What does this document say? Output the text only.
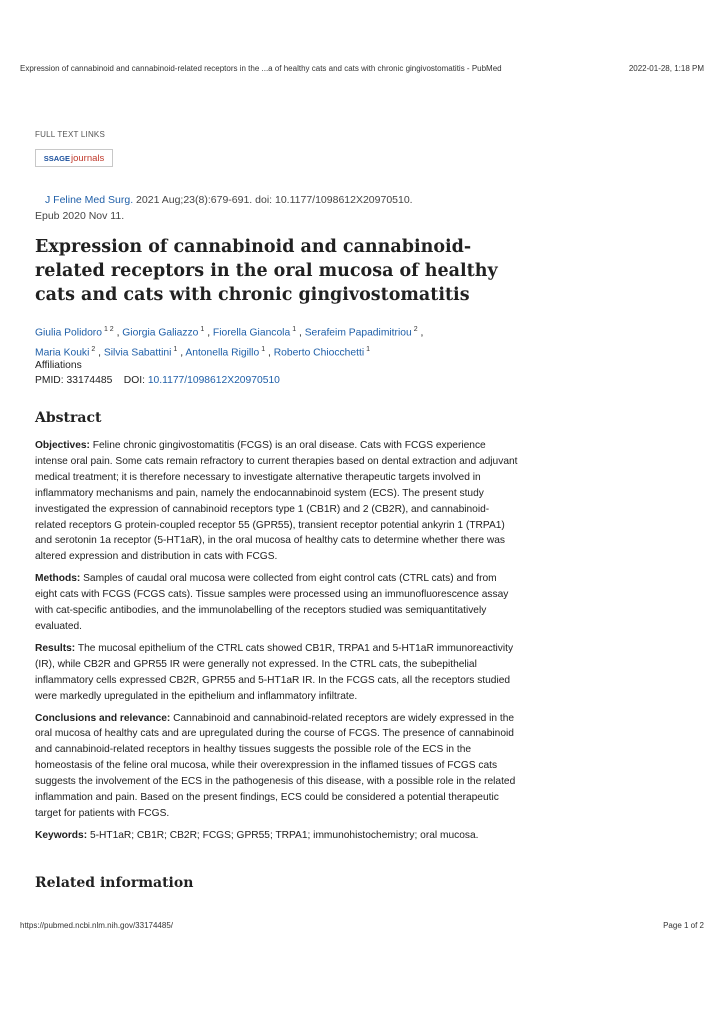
Expression of cannabinoid and cannabinoid-related receptors in the ...a of healthy cats and cats with chronic gingivostomatitis - PubMed	2022-01-28, 1:18 PM
FULL TEXT LINKS
SSAGE journals
J Feline Med Surg. 2021 Aug;23(8):679-691. doi: 10.1177/1098612X20970510.
Epub 2020 Nov 11.
Expression of cannabinoid and cannabinoid-related receptors in the oral mucosa of healthy cats and cats with chronic gingivostomatitis
Giulia Polidoro $^{1 2}$ , Giorgia Galiazzo $^1$ , Fiorella Giancola $^1$ , Serafeim Papadimitriou $^2$ ,
Maria Kouki $^2$ , Silvia Sabattini $^1$ , Antonella Rigillo $^1$ , Roberto Chiocchetti $^1$
Affiliations
PMID: 33174485 DOI: 10.1177/1098612X20970510
Abstract

Objectives: Feline chronic gingivostomatitis (FCGS) is an oral disease. Cats with FCGS experience intense oral pain. Some cats remain refractory to current therapies based on dental extraction and adjuvant medical treatment; it is therefore necessary to investigate alternative therapeutic targets involved in inflammatory mechanisms and pain, namely the endocannabinoid system (ECS). The present study investigated the expression of cannabinoid receptors type 1 (CB1R) and 2 (CB2R), and cannabinoid-related receptors G protein-coupled receptor 55 (GPR55), transient receptor potential ankyrin 1 (TRPA1) and serotonin 1a receptor (5-HT1aR), in the oral mucosa of healthy cats to determine whether there was altered expression and distribution in cats with FCGS.

Methods: Samples of caudal oral mucosa were collected from eight control cats (CTRL cats) and from eight cats with FCGS (FCGS cats). Tissue samples were processed using an immunofluorescence assay with cat-specific antibodies, and the immunolabelling of the receptors studied was semiquantitatively evaluated.

Results: The mucosal epithelium of the CTRL cats showed CB1R, TRPA1 and 5-HT1aR immunoreactivity (IR), while CB2R and GPR55 IR were generally not expressed. In the CTRL cats, the subepithelial inflammatory cells expressed CB2R, GPR55 and 5-HT1aR IR. In the FCGS cats, all the receptors studied were markedly upregulated in the epithelium and inflammatory infiltrate.

Conclusions and relevance: Cannabinoid and cannabinoid-related receptors are widely expressed in the oral mucosa of healthy cats and are upregulated during the course of FCGS. The presence of cannabinoid and cannabinoid-related receptors in healthy tissues suggests the possible role of the ECS in the homeostasis of the feline oral mucosa, while their overexpression in the inflamed tissues of FCGS cats suggests the involvement of the ECS in the pathogenesis of this disease, with a possible role in the related inflammation and pain. Based on the present findings, ECS could be considered a potential therapeutic target for patients with FCGS.

Keywords: 5-HT1aR; CB1R; CB2R; FCGS; GPR55; TRPA1; immunohistochemistry; oral mucosa.

Related information
https://pubmed.ncbi.nlm.nih.gov/33174485/	Page 1 of 2
